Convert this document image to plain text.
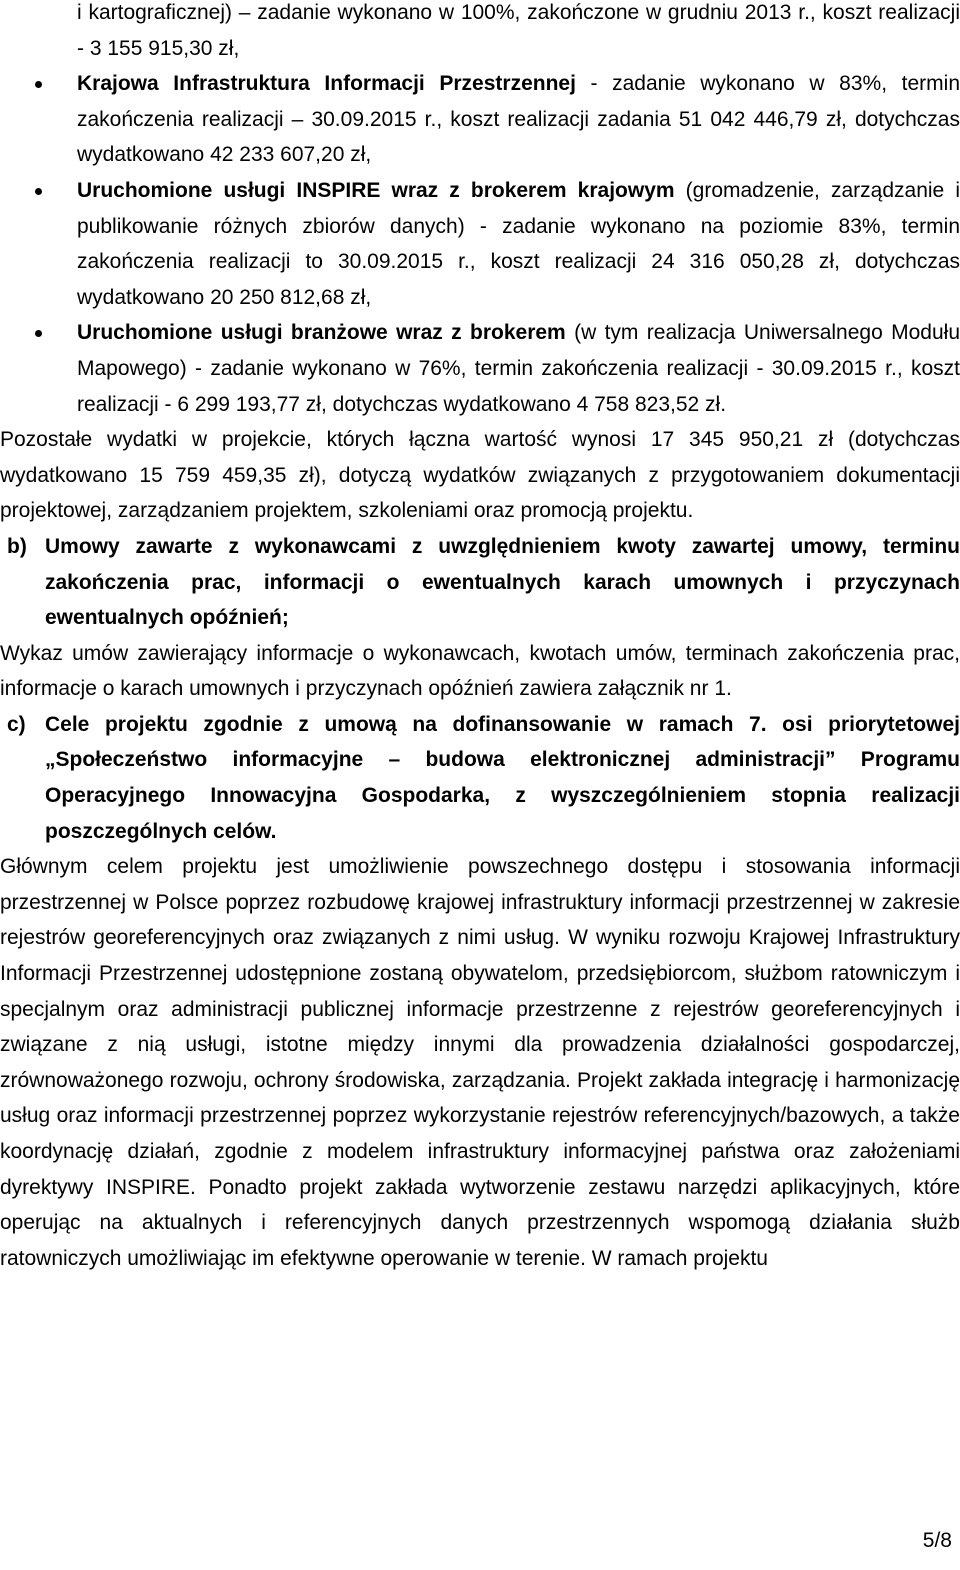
i kartograficznej) – zadanie wykonano w 100%, zakończone w grudniu 2013 r., koszt realizacji - 3 155 915,30 zł,

Krajowa Infrastruktura Informacji Przestrzennej - zadanie wykonano w 83%, termin zakończenia realizacji – 30.09.2015 r., koszt realizacji zadania 51 042 446,79 zł, dotychczas wydatkowano 42 233 607,20 zł,
Uruchomione usługi INSPIRE wraz z brokerem krajowym (gromadzenie, zarządzanie i publikowanie różnych zbiorów danych) - zadanie wykonano na poziomie 83%, termin zakończenia realizacji to 30.09.2015 r., koszt realizacji 24 316 050,28 zł, dotychczas wydatkowano 20 250 812,68 zł,
Uruchomione usługi branżowe wraz z brokerem (w tym realizacja Uniwersalnego Modułu Mapowego) - zadanie wykonano w 76%, termin zakończenia realizacji - 30.09.2015 r., koszt realizacji - 6 299 193,77 zł, dotychczas wydatkowano 4 758 823,52 zł.

Pozostałe wydatki w projekcie, których łączna wartość wynosi 17 345 950,21 zł (dotychczas wydatkowano 15 759 459,35 zł), dotyczą wydatków związanych z przygotowaniem dokumentacji projektowej, zarządzaniem projektem, szkoleniami oraz promocją projektu.

b) Umowy zawarte z wykonawcami z uwzględnieniem kwoty zawartej umowy, terminu zakończenia prac, informacji o ewentualnych karach umownych i przyczynach ewentualnych opóźnień;

Wykaz umów zawierający informacje o wykonawcach, kwotach umów, terminach zakończenia prac, informacje o karach umownych i przyczynach opóźnień zawiera załącznik nr 1.

c) Cele projektu zgodnie z umową na dofinansowanie w ramach 7. osi priorytetowej „Społeczeństwo informacyjne – budowa elektronicznej administracji” Programu Operacyjnego Innowacyjna Gospodarka, z wyszczególnieniem stopnia realizacji poszczególnych celów.

Głównym celem projektu jest umożliwienie powszechnego dostępu i stosowania informacji przestrzennej w Polsce poprzez rozbudowę krajowej infrastruktury informacji przestrzennej w zakresie rejestrów georeferencyjnych oraz związanych z nimi usług. W wyniku rozwoju Krajowej Infrastruktury Informacji Przestrzennej udostępnione zostaną obywatelom, przedsiębiorcom, służbom ratowniczym i specjalnym oraz administracji publicznej informacje przestrzenne z rejestrów georeferencyjnych i związane z nią usługi, istotne między innymi dla prowadzenia działalności gospodarczej, zrównoważonego rozwoju, ochrony środowiska, zarządzania. Projekt zakłada integrację i harmonizację usług oraz informacji przestrzennej poprzez wykorzystanie rejestrów referencyjnych/bazowych, a także koordynację działań, zgodnie z modelem infrastruktury informacyjnej państwa oraz założeniami dyrektywy INSPIRE. Ponadto projekt zakłada wytworzenie zestawu narzędzi aplikacyjnych, które operując na aktualnych i referencyjnych danych przestrzennych wspomogą działania służb ratowniczych umożliwiając im efektywne operowanie w terenie. W ramach projektu

5/8
